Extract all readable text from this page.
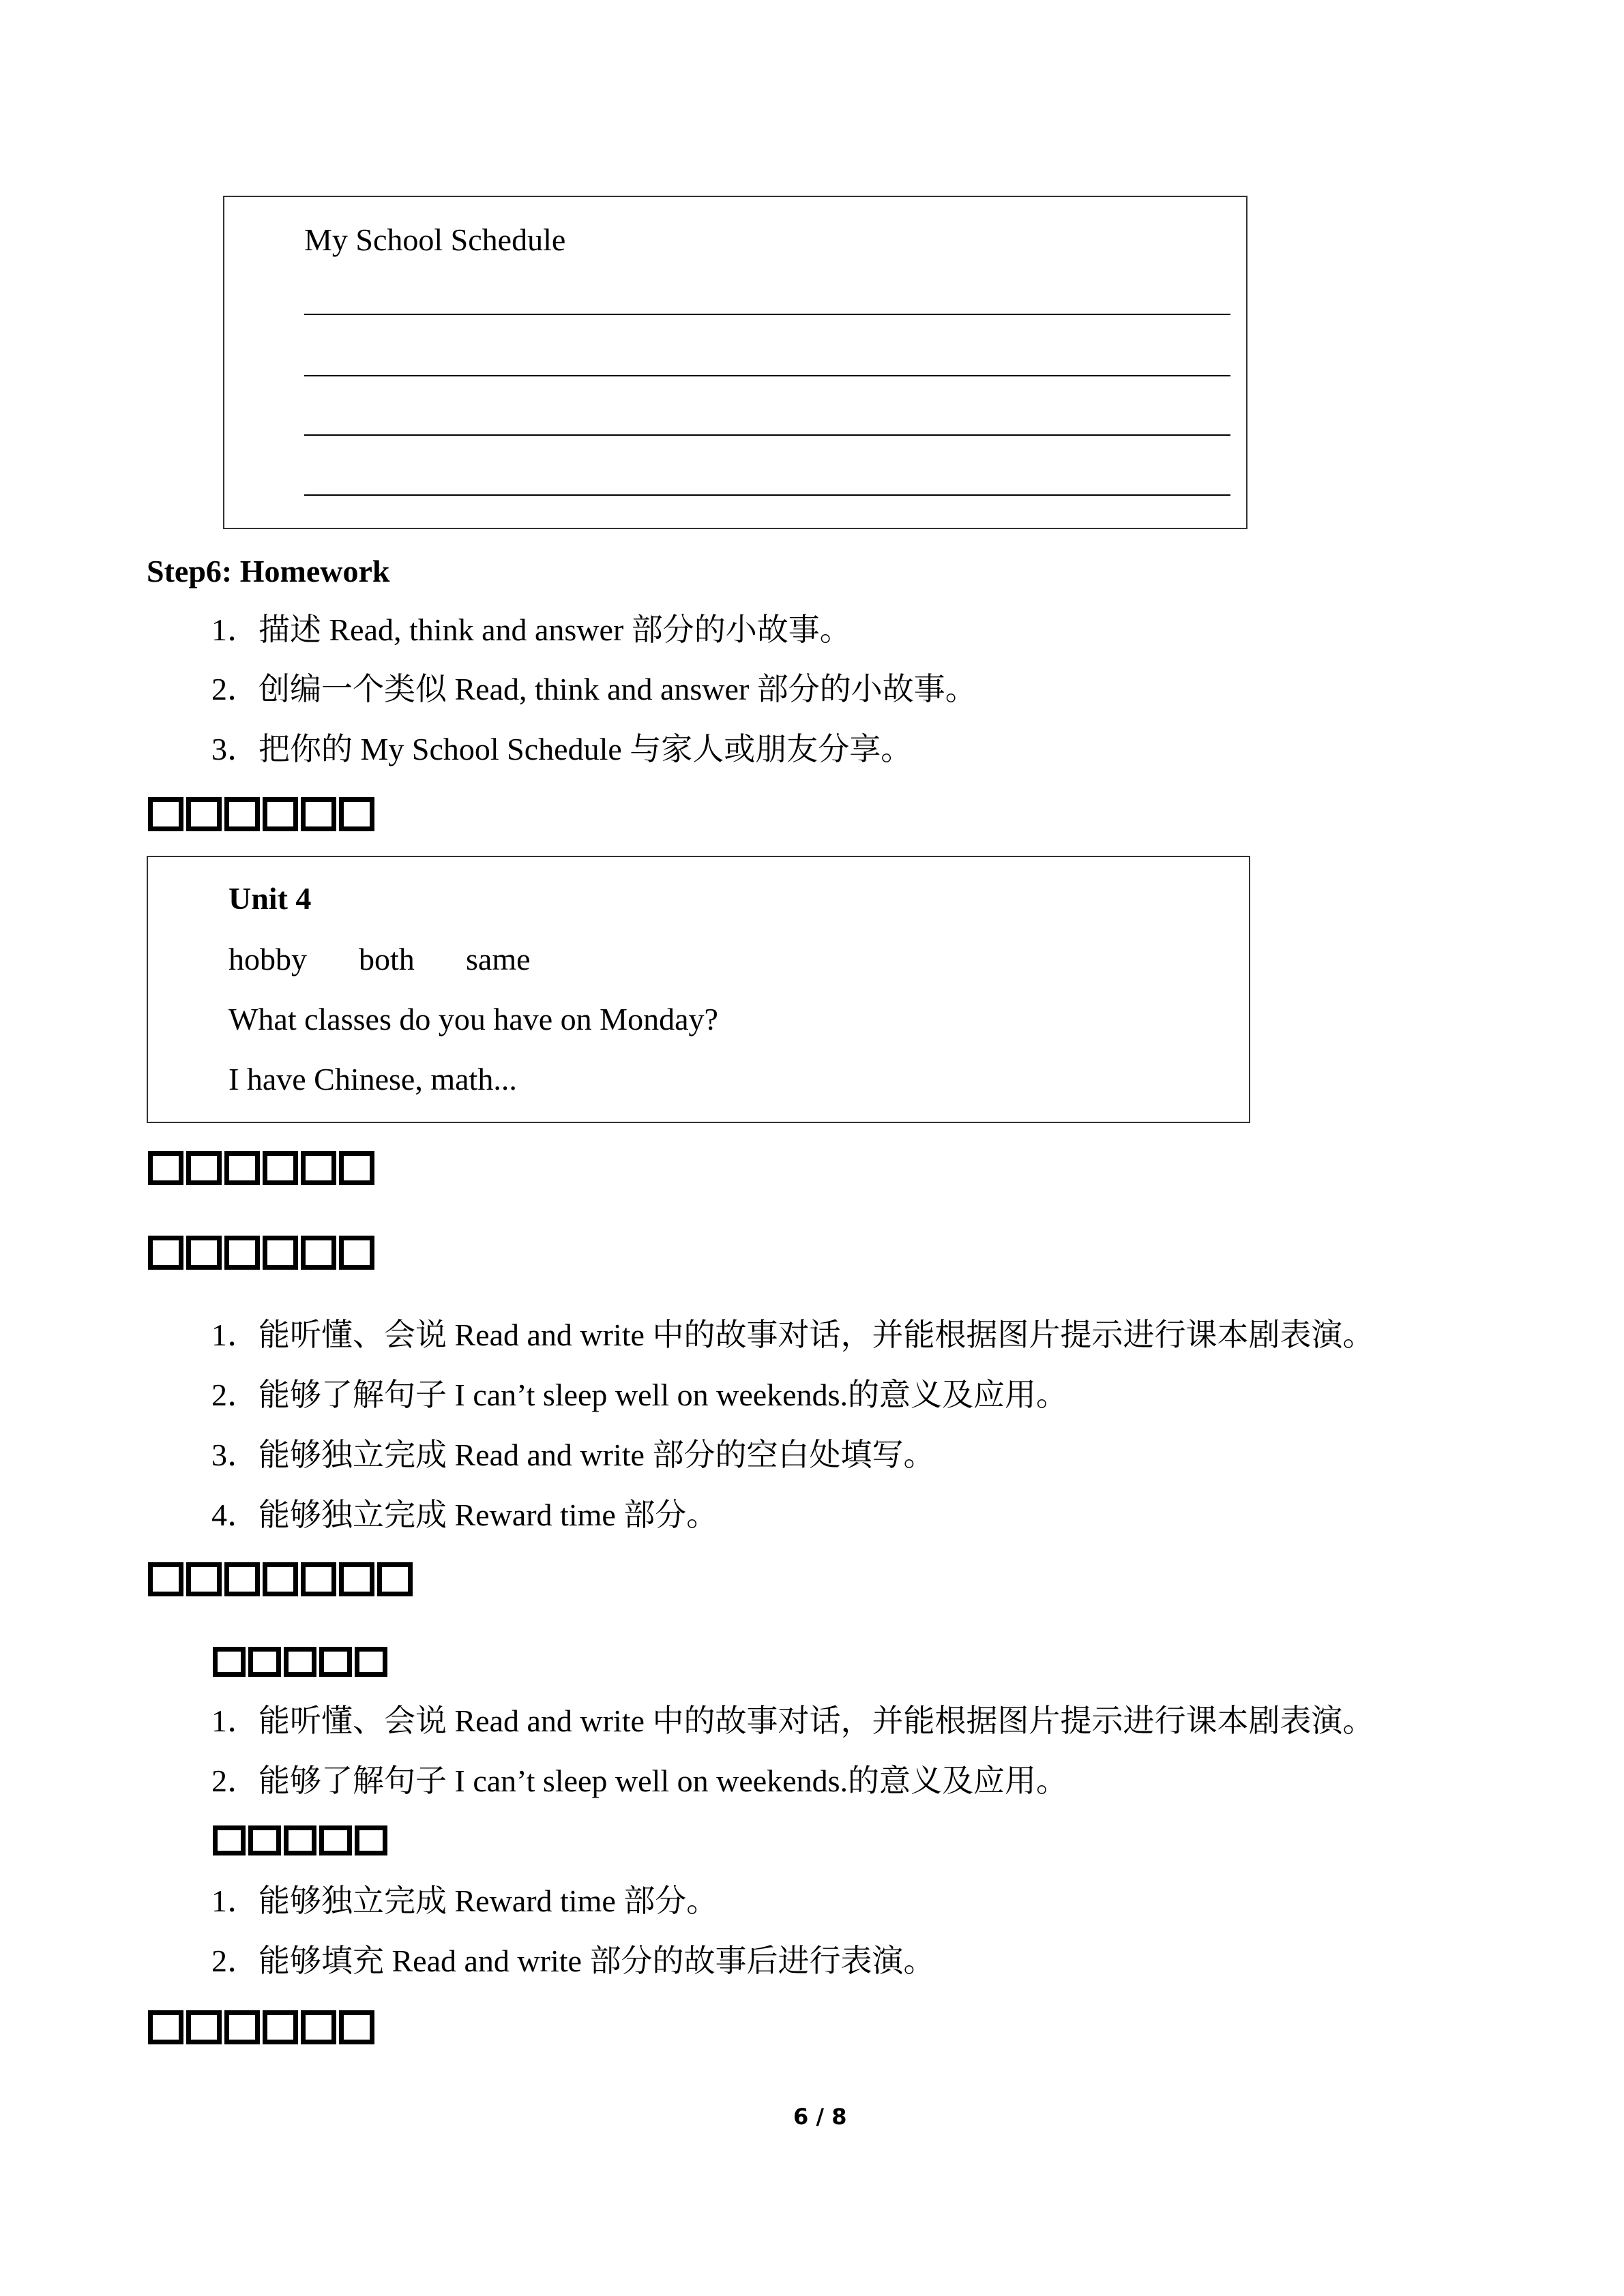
My School Schedule
Step6: Homework
1．描述 Read, think and answer 部分的小故事。
2．创编一个类似 Read, think and answer 部分的小故事。
3．把你的 My School Schedule 与家人或朋友分享。
Unit 4
hobby both same
What classes do you have on Monday?
I have Chinese, math...
1．能听懂、会说 Read and write 中的故事对话，并能根据图片提示进行课本剧表演。
2．能够了解句子 I can’t sleep well on weekends.的意义及应用。
3．能够独立完成 Read and write 部分的空白处填写。
4．能够独立完成 Reward time 部分。
1．能听懂、会说 Read and write 中的故事对话，并能根据图片提示进行课本剧表演。
2．能够了解句子 I can’t sleep well on weekends.的意义及应用。
1．能够独立完成 Reward time 部分。
2．能够填充 Read and write 部分的故事后进行表演。
6 / 8
